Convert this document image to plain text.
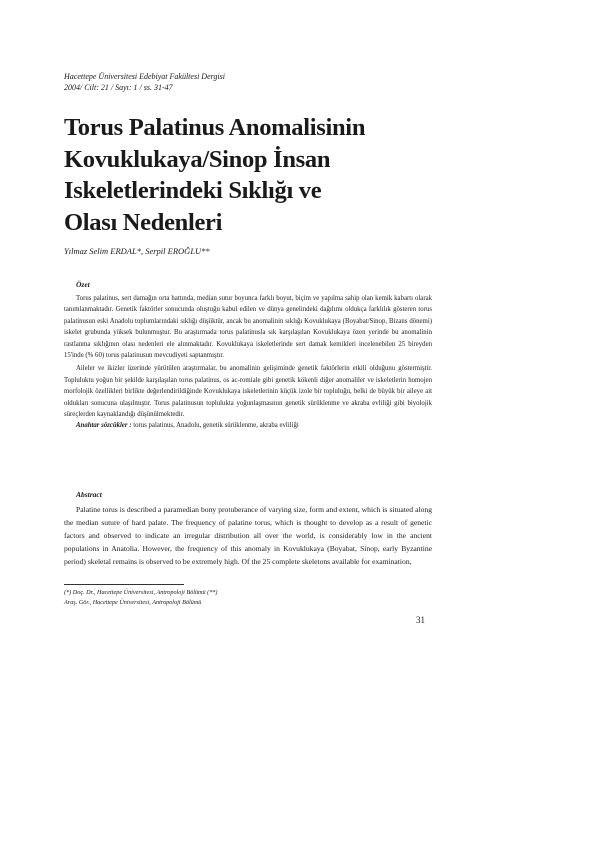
Hacettepe Üniversitesi Edebiyat Fakültesi Dergisi
2004/ Cilt: 21 / Sayı: 1 / ss. 31-47
Torus Palatinus Anomalisinin
Kovuklukaya/Sinop İnsan
Iskeletlerindeki Sıklığı ve
Olası Nedenleri
Yılmaz Selim ERDAL*, Serpil EROĞLU**
Özet

Torus palatinus, sert damağın orta hattında, median sutur boyunca farklı boyut, biçim ve yapılma sahip olan kemik kabartı olarak tanımlanmaktadır. Genetik faktörler sonucunda oluştuğu kabul edilen ve dünya genelindeki dağılımı oldukça farklılık gösteren torus palatinusun eski Anadolu toplumlarındaki sıklığı düşüktür, ancak bu anomalinin sıklığı Kovuklukaya (Boyabat/Sinop, Bizans dönemi) iskelet grubunda yüksek bulunmuştur. Bu araştırmada torus palatinusla sık karşılaşılan Kovuklukaya özen yerinde bu anomalinin rastlanma sıklığının olası nedenleri ele alınmaktadır. Kovuklukaya iskeletlerinde sert damak kemikleri incelenebilen 25 bireyden 15'inde (% 60) torus palatinusun mevcudiyeti saptanmıştır.

Aileler ve ikizler üzerinde yürütülen araştırmalar, bu anomalinin gelişiminde genetik faktörlerin etkili olduğunu göstermiştir. Topluluktu yoğun bir şekilde karşılaşılan torus palatinus, os ac-romiale gibi genetik kökenli diğer anomaliler ve iskeletlerin homojen morfolojik özellikleri birlikte değerlendirildiğinde Kovuklukaya iskeletlerinin küçük izole bir topluluğu, belki de büyük bir aileye ait oldukları sonucuna ulaşılmıştır. Torus palatinusun toplulukta yoğunlaşmasının genetik sürüklenme ve akraba evliliği gibi biyolojik süreçlerden kaynaklandığı düşünülmektedir.

Anahtar sözcükler : torus palatinus, Anadolu, genetik sürüklenme, akraba evliliği
Abstract

Palatine torus is described a paramedian bony protuberance of varying size, form and extent, which is situated along the median suture of hard palate. The frequency of palatine torus, which is thought to develop as a result of genetic factors and observed to indicate an irregular distribution all over the world, is considerably low in the ancient populations in Anatolia. However, the frequency of this anomaly in Kovuklukaya (Boyabat, Sinop, early Byzantine period) skeletal remains is observed to be extremely high. Of the 25 complete skeletons available for examination,

(*) Doç. Dr., Hacettepe Üniversitesi, Antropoloji Bölümü (**)
Araş. Gör., Hacettepe Üniversitesi, Antropoloji Bölümü
31
